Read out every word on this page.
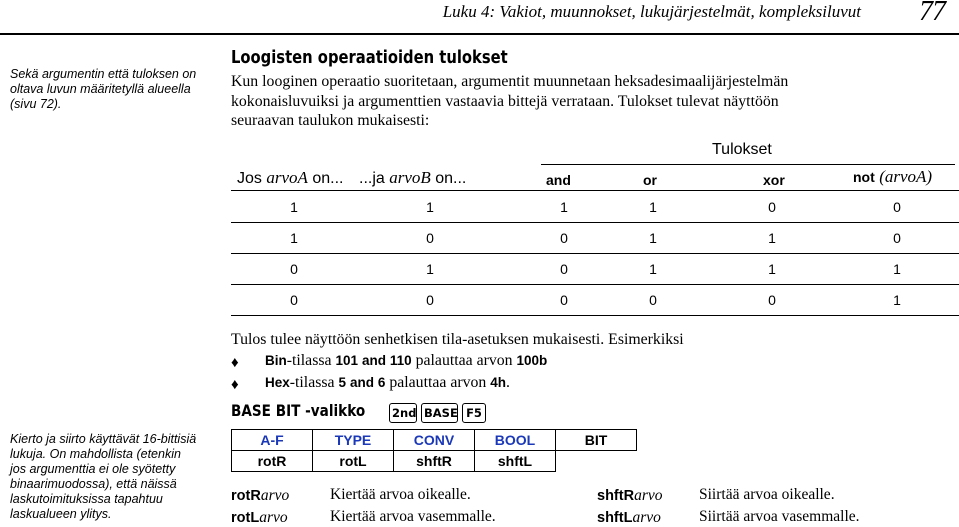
Luku 4: Vakiot, muunnokset, lukujärjestelmät, kompleksiluvut 77
Sekä argumentin että tuloksen on oltava luvun määritetyllä alueella (sivu 72).
Kierto ja siirto käyttävät 16-bittisiä
lukuja. On mahdollista (etenkin
jos argumenttia ei ole syötetty
binaarimuodossa), että näissä
laskutoimituksissa tapahtuu
laskualueen ylitys.
Loogisten operaatioiden tulokset
Kun looginen operaatio suoritetaan, argumentit muunnetaan heksadesimaalijärjestelmän
kokonaisluvuiksi ja argumenttien vastaavia bittejä verrataan. Tulokset tulevat näyttöön
seuraavan taulukon mukaisesti:
Tulokset
Jos arvoA on... ...ja arvoB on...	and	or	xor	not (arvoA)
1	1	1	1	0	0
1	0	0	1	1	0
0	1	0	1	1	1
0	0	0	0	0	1
Tulos tulee näyttöön senhetkisen tila-asetuksen mukaisesti. Esimerkiksi
♦ Bin-tilassa 101 and 110 palauttaa arvon 100b
♦ Hex-tilassa 5 and 6 palauttaa arvon 4h.
BASE BIT -valikko 2nd BASE F5
A-F	TYPE	CONV	BOOL	BIT
rotR	rotL	shftR	shftL	
rotRarvo	Kiertää arvoa oikealle.
rotLarvo	Kiertää arvoa vasemmalle.
shftRarvo Siirtää arvoa oikealle.
shftLarvo Siirtää arvoa vasemmalle.
